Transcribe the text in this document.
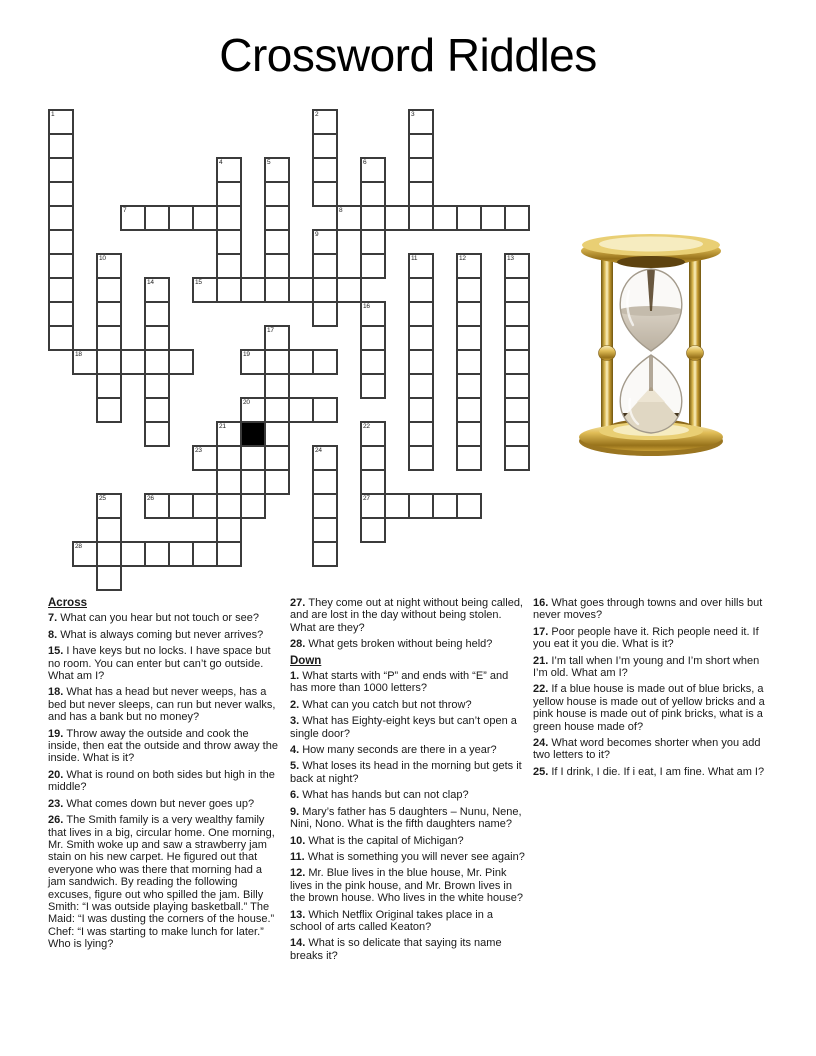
Crossword Riddles
1	2	3
4	5	6
7	8
9
10	11	12	13
14	15
16
17
18	19
20
21	22
23	24
25	26	27
28
Across
7. What can you hear but not touch or see?
8. What is always coming but never arrives?
15. I have keys but no locks. I have space but no room. You can enter but can’t go outside. What am I?
18. What has a head but never weeps, has a bed but never sleeps, can run but never walks, and has a bank but no money?
19. Throw away the outside and cook the inside, then eat the outside and throw away the inside. What is it?
20. What is round on both sides but high in the middle?
23. What comes down but never goes up?
26. The Smith family is a very wealthy family that lives in a big, circular home. One morning, Mr. Smith woke up and saw a strawberry jam stain on his new carpet. He figured out that everyone who was there that morning had a jam sandwich. By reading the following excuses, figure out who spilled the jam. Billy Smith: “I was outside playing basketball.” The Maid: “I was dusting the corners of the house.” Chef: “I was starting to make lunch for later.” Who is lying?
27. They come out at night without being called, and are lost in the day without being stolen. What are they?
28. What gets broken without being held?
Down
1. What starts with “P” and ends with “E” and has more than 1000 letters?
2. What can you catch but not throw?
3. What has Eighty-eight keys but can’t open a single door?
4. How many seconds are there in a year?
5. What loses its head in the morning but gets it back at night?
6. What has hands but can not clap?
9. Mary’s father has 5 daughters – Nunu, Nene, Nini, Nono. What is the fifth daughters name?
10. What is the capital of Michigan?
11. What is something you will never see again?
12. Mr. Blue lives in the blue house, Mr. Pink lives in the pink house, and Mr. Brown lives in the brown house. Who lives in the white house?
13. Which Netflix Original takes place in a school of arts called Keaton?
14. What is so delicate that saying its name breaks it?
16. What goes through towns and over hills but never moves?
17. Poor people have it. Rich people need it. If you eat it you die. What is it?
21. I’m tall when I’m young and I’m short when I’m old. What am I?
22. If a blue house is made out of blue bricks, a yellow house is made out of yellow bricks and a pink house is made out of pink bricks, what is a green house made of?
24. What word becomes shorter when you add two letters to it?
25. If I drink, I die. If i eat, I am fine. What am I?
